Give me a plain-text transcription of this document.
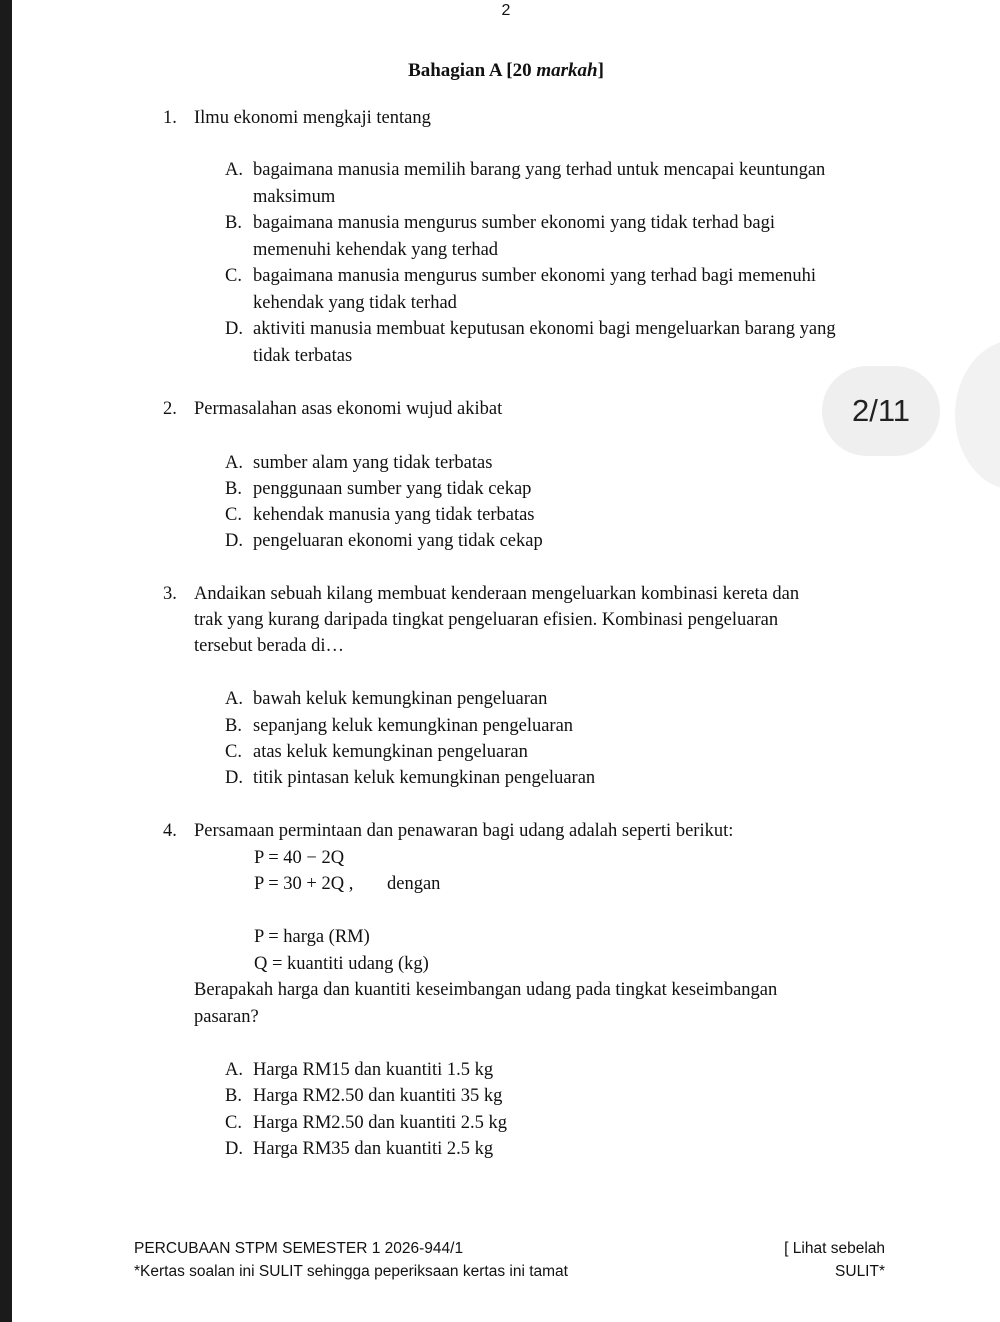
2
Bahagian A [20 markah]
2/11
1. Ilmu ekonomi mengkaji tentang
A. bagaimana manusia memilih barang yang terhad untuk mencapai keuntungan
maksimum
B. bagaimana manusia mengurus sumber ekonomi yang tidak terhad bagi
memenuhi kehendak yang terhad
C. bagaimana manusia mengurus sumber ekonomi yang terhad bagi memenuhi
kehendak yang tidak terhad
D. aktiviti manusia membuat keputusan ekonomi bagi mengeluarkan barang yang
tidak terbatas
2. Permasalahan asas ekonomi wujud akibat
A. sumber alam yang tidak terbatas
B. penggunaan sumber yang tidak cekap
C. kehendak manusia yang tidak terbatas
D. pengeluaran ekonomi yang tidak cekap
3. Andaikan sebuah kilang membuat kenderaan mengeluarkan kombinasi kereta dan
trak yang kurang daripada tingkat pengeluaran efisien. Kombinasi pengeluaran
tersebut berada di…
A. bawah keluk kemungkinan pengeluaran
B. sepanjang keluk kemungkinan pengeluaran
C. atas keluk kemungkinan pengeluaran
D. titik pintasan keluk kemungkinan pengeluaran
4. Persamaan permintaan dan penawaran bagi udang adalah seperti berikut:
P = 40 − 2Q
P = 30 + 2Q , dengan
P = harga (RM)
Q = kuantiti udang (kg)
Berapakah harga dan kuantiti keseimbangan udang pada tingkat keseimbangan
pasaran?
A. Harga RM15 dan kuantiti 1.5 kg
B. Harga RM2.50 dan kuantiti 35 kg
C. Harga RM2.50 dan kuantiti 2.5 kg
D. Harga RM35 dan kuantiti 2.5 kg
PERCUBAAN STPM SEMESTER 1 2026-944/1
*Kertas soalan ini SULIT sehingga peperiksaan kertas ini tamat
[ Lihat sebelah
SULIT*
